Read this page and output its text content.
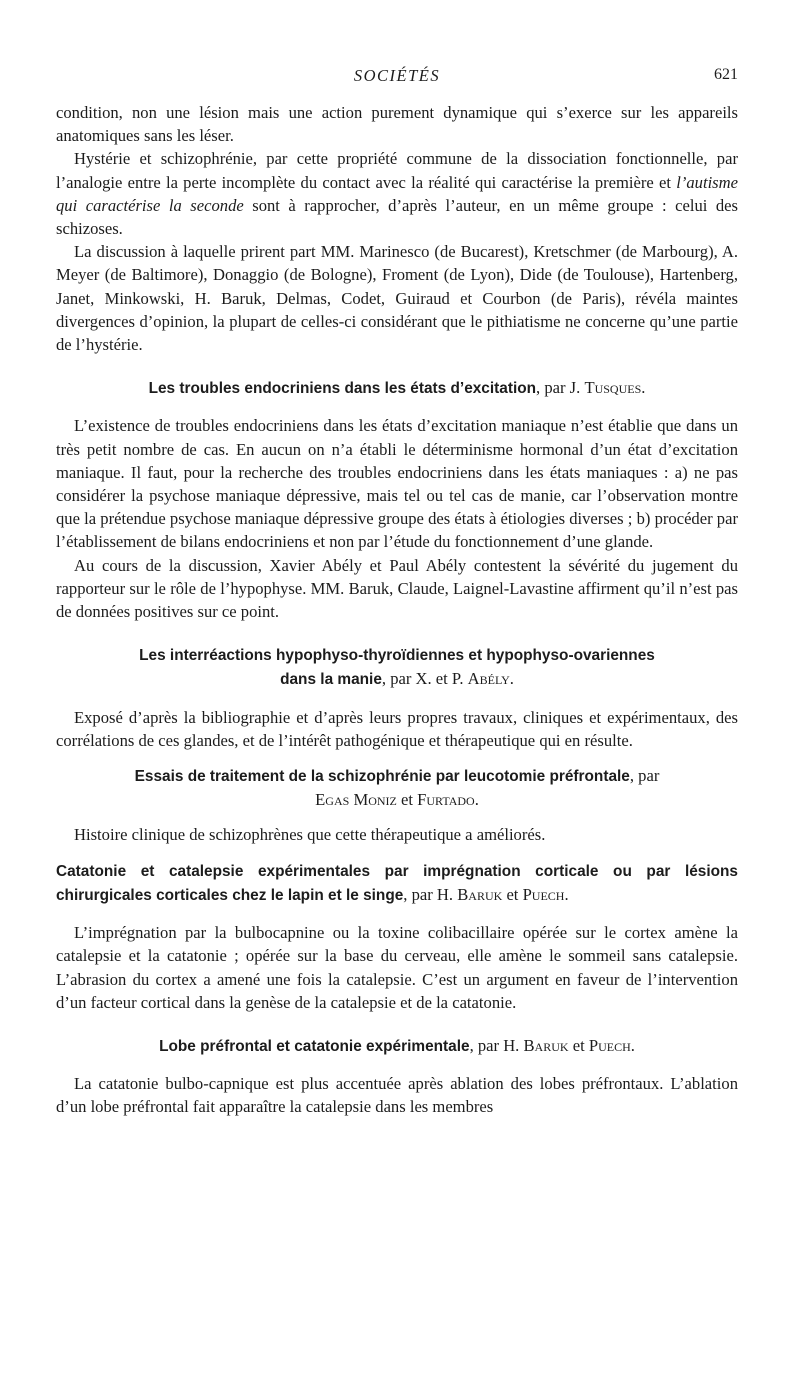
SOCIÉTÉS	621

condition, non une lésion mais une action purement dynamique qui s’exerce sur les appareils anatomiques sans les léser.

Hystérie et schizophrénie, par cette propriété commune de la dissociation fonctionnelle, par l’analogie entre la perte incomplète du contact avec la réalité qui caractérise la première et l’autisme qui caractérise la seconde sont à rapprocher, d’après l’auteur, en un même groupe : celui des schizoses.

La discussion à laquelle prirent part MM. Marinesco (de Bucarest), Kretschmer (de Marbourg), A. Meyer (de Baltimore), Donaggio (de Bologne), Froment (de Lyon), Dide (de Toulouse), Hartenberg, Janet, Minkowski, H. Baruk, Delmas, Codet, Guiraud et Courbon (de Paris), révéla maintes divergences d’opinion, la plupart de celles-ci considérant que le pithiatisme ne concerne qu’une partie de l’hystérie.

Les troubles endocriniens dans les états d’excitation, par J. Tusques.

L’existence de troubles endocriniens dans les états d’excitation maniaque n’est établie que dans un très petit nombre de cas. En aucun on n’a établi le déterminisme hormonal d’un état d’excitation maniaque. Il faut, pour la recherche des troubles endocriniens dans les états maniaques : a) ne pas considérer la psychose maniaque dépressive, mais tel ou tel cas de manie, car l’observation montre que la prétendue psychose maniaque dépressive groupe des états à étiologies diverses ; b) procéder par l’établissement de bilans endocriniens et non par l’étude du fonctionnement d’une glande.

Au cours de la discussion, Xavier Abély et Paul Abély contestent la sévérité du jugement du rapporteur sur le rôle de l’hypophyse. MM. Baruk, Claude, Laignel-Lavastine affirment qu’il n’est pas de données positives sur ce point.

Les interréactions hypophyso-thyroïdiennes et hypophyso-ovariennes
dans la manie, par X. et P. Abély.

Exposé d’après la bibliographie et d’après leurs propres travaux, cliniques et expérimentaux, des corrélations de ces glandes, et de l’intérêt pathogénique et thérapeutique qui en résulte.

Essais de traitement de la schizophrénie par leucotomie préfrontale, par
Egas Moniz et Furtado.

Histoire clinique de schizophrènes que cette thérapeutique a améliorés.

Catatonie et catalepsie expérimentales par imprégnation corticale ou par lésions chirurgicales corticales chez le lapin et le singe, par H. Baruk et Puech.

L’imprégnation par la bulbocapnine ou la toxine colibacillaire opérée sur le cortex amène la catalepsie et la catatonie ; opérée sur la base du cerveau, elle amène le sommeil sans catalepsie. L’abrasion du cortex a amené une fois la catalepsie. C’est un argument en faveur de l’intervention d’un facteur cortical dans la genèse de la catalepsie et de la catatonie.

Lobe préfrontal et catatonie expérimentale, par H. Baruk et Puech.

La catatonie bulbo-capnique est plus accentuée après ablation des lobes préfrontaux. L’ablation d’un lobe préfrontal fait apparaître la catalepsie dans les membres
